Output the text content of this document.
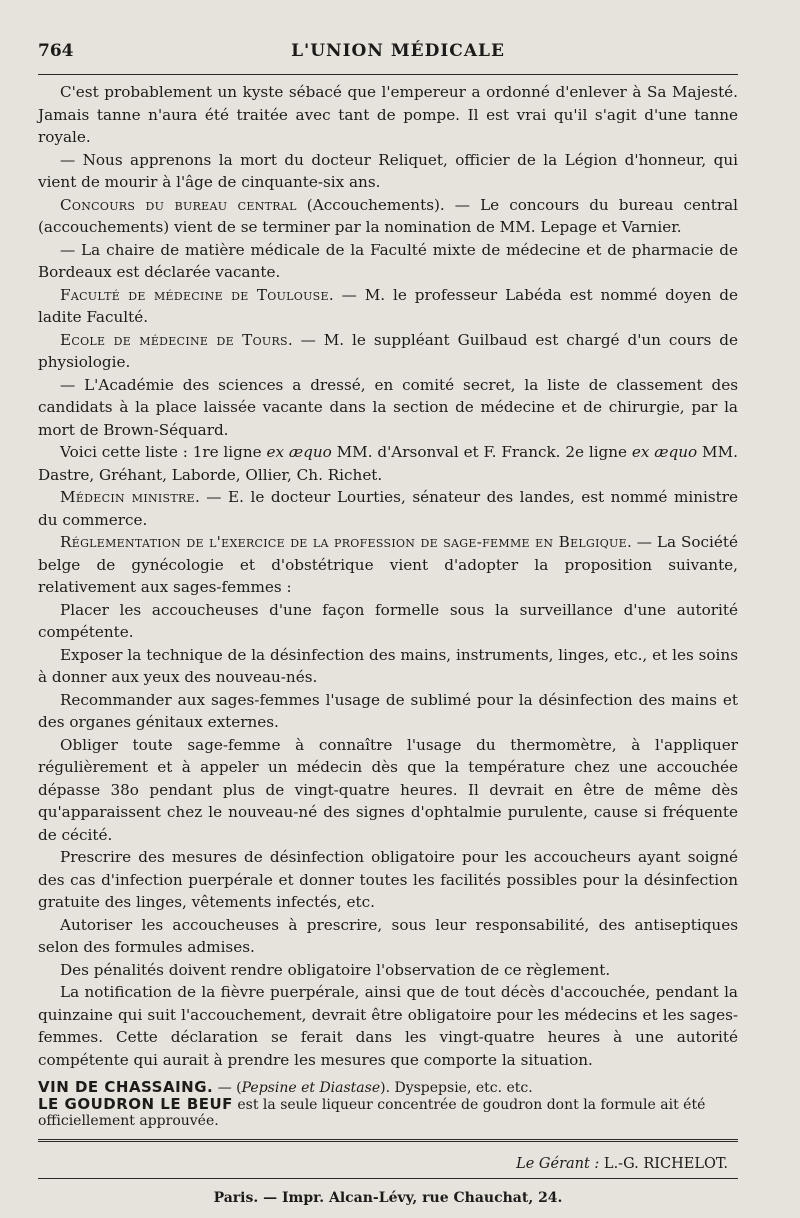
764	L'UNION MÉDICALE

C'est probablement un kyste sébacé que l'empereur a ordonné d'enlever à Sa Majesté. Jamais tanne n'aura été traitée avec tant de pompe. Il est vrai qu'il s'agit d'une tanne royale.

— Nous apprenons la mort du docteur Reliquet, officier de la Légion d'honneur, qui vient de mourir à l'âge de cinquante-six ans.

Concours du bureau central (Accouchements). — Le concours du bureau central (accouchements) vient de se terminer par la nomination de MM. Lepage et Varnier.

— La chaire de matière médicale de la Faculté mixte de médecine et de pharmacie de Bordeaux est déclarée vacante.

Faculté de médecine de Toulouse. — M. le professeur Labéda est nommé doyen de ladite Faculté.

Ecole de médecine de Tours. — M. le suppléant Guilbaud est chargé d'un cours de physiologie.

— L'Académie des sciences a dressé, en comité secret, la liste de classement des candidats à la place laissée vacante dans la section de médecine et de chirurgie, par la mort de Brown-Séquard.

Voici cette liste : 1re ligne ex æquo MM. d'Arsonval et F. Franck. 2e ligne ex æquo MM. Dastre, Gréhant, Laborde, Ollier, Ch. Richet.

Médecin ministre. — E. le docteur Lourties, sénateur des landes, est nommé ministre du commerce.

Réglementation de l'exercice de la profession de sage-femme en Belgique. — La Société belge de gynécologie et d'obstétrique vient d'adopter la proposition suivante, relativement aux sages-femmes :

Placer les accoucheuses d'une façon formelle sous la surveillance d'une autorité compétente.

Exposer la technique de la désinfection des mains, instruments, linges, etc., et les soins à donner aux yeux des nouveau-nés.

Recommander aux sages-femmes l'usage de sublimé pour la désinfection des mains et des organes génitaux externes.

Obliger toute sage-femme à connaître l'usage du thermomètre, à l'appliquer régulièrement et à appeler un médecin dès que la température chez une accouchée dépasse 38o pendant plus de vingt-quatre heures. Il devrait en être de même dès qu'apparaissent chez le nouveau-né des signes d'ophtalmie purulente, cause si fréquente de cécité.

Prescrire des mesures de désinfection obligatoire pour les accoucheurs ayant soigné des cas d'infection puerpérale et donner toutes les facilités possibles pour la désinfection gratuite des linges, vêtements infectés, etc.

Autoriser les accoucheuses à prescrire, sous leur responsabilité, des antiseptiques selon des formules admises.

Des pénalités doivent rendre obligatoire l'observation de ce règlement.

La notification de la fièvre puerpérale, ainsi que de tout décès d'accouchée, pendant la quinzaine qui suit l'accouchement, devrait être obligatoire pour les médecins et les sages-femmes. Cette déclaration se ferait dans les vingt-quatre heures à une autorité compétente qui aurait à prendre les mesures que comporte la situation.

VIN DE CHASSAING. — (Pepsine et Diastase). Dyspepsie, etc. etc.
LE GOUDRON LE BEUF est la seule liqueur concentrée de goudron dont la formule ait été officiellement approuvée.
Le Gérant : L.-G. RICHELOT.
Paris. — Impr. Alcan-Lévy, rue Chauchat, 24.
